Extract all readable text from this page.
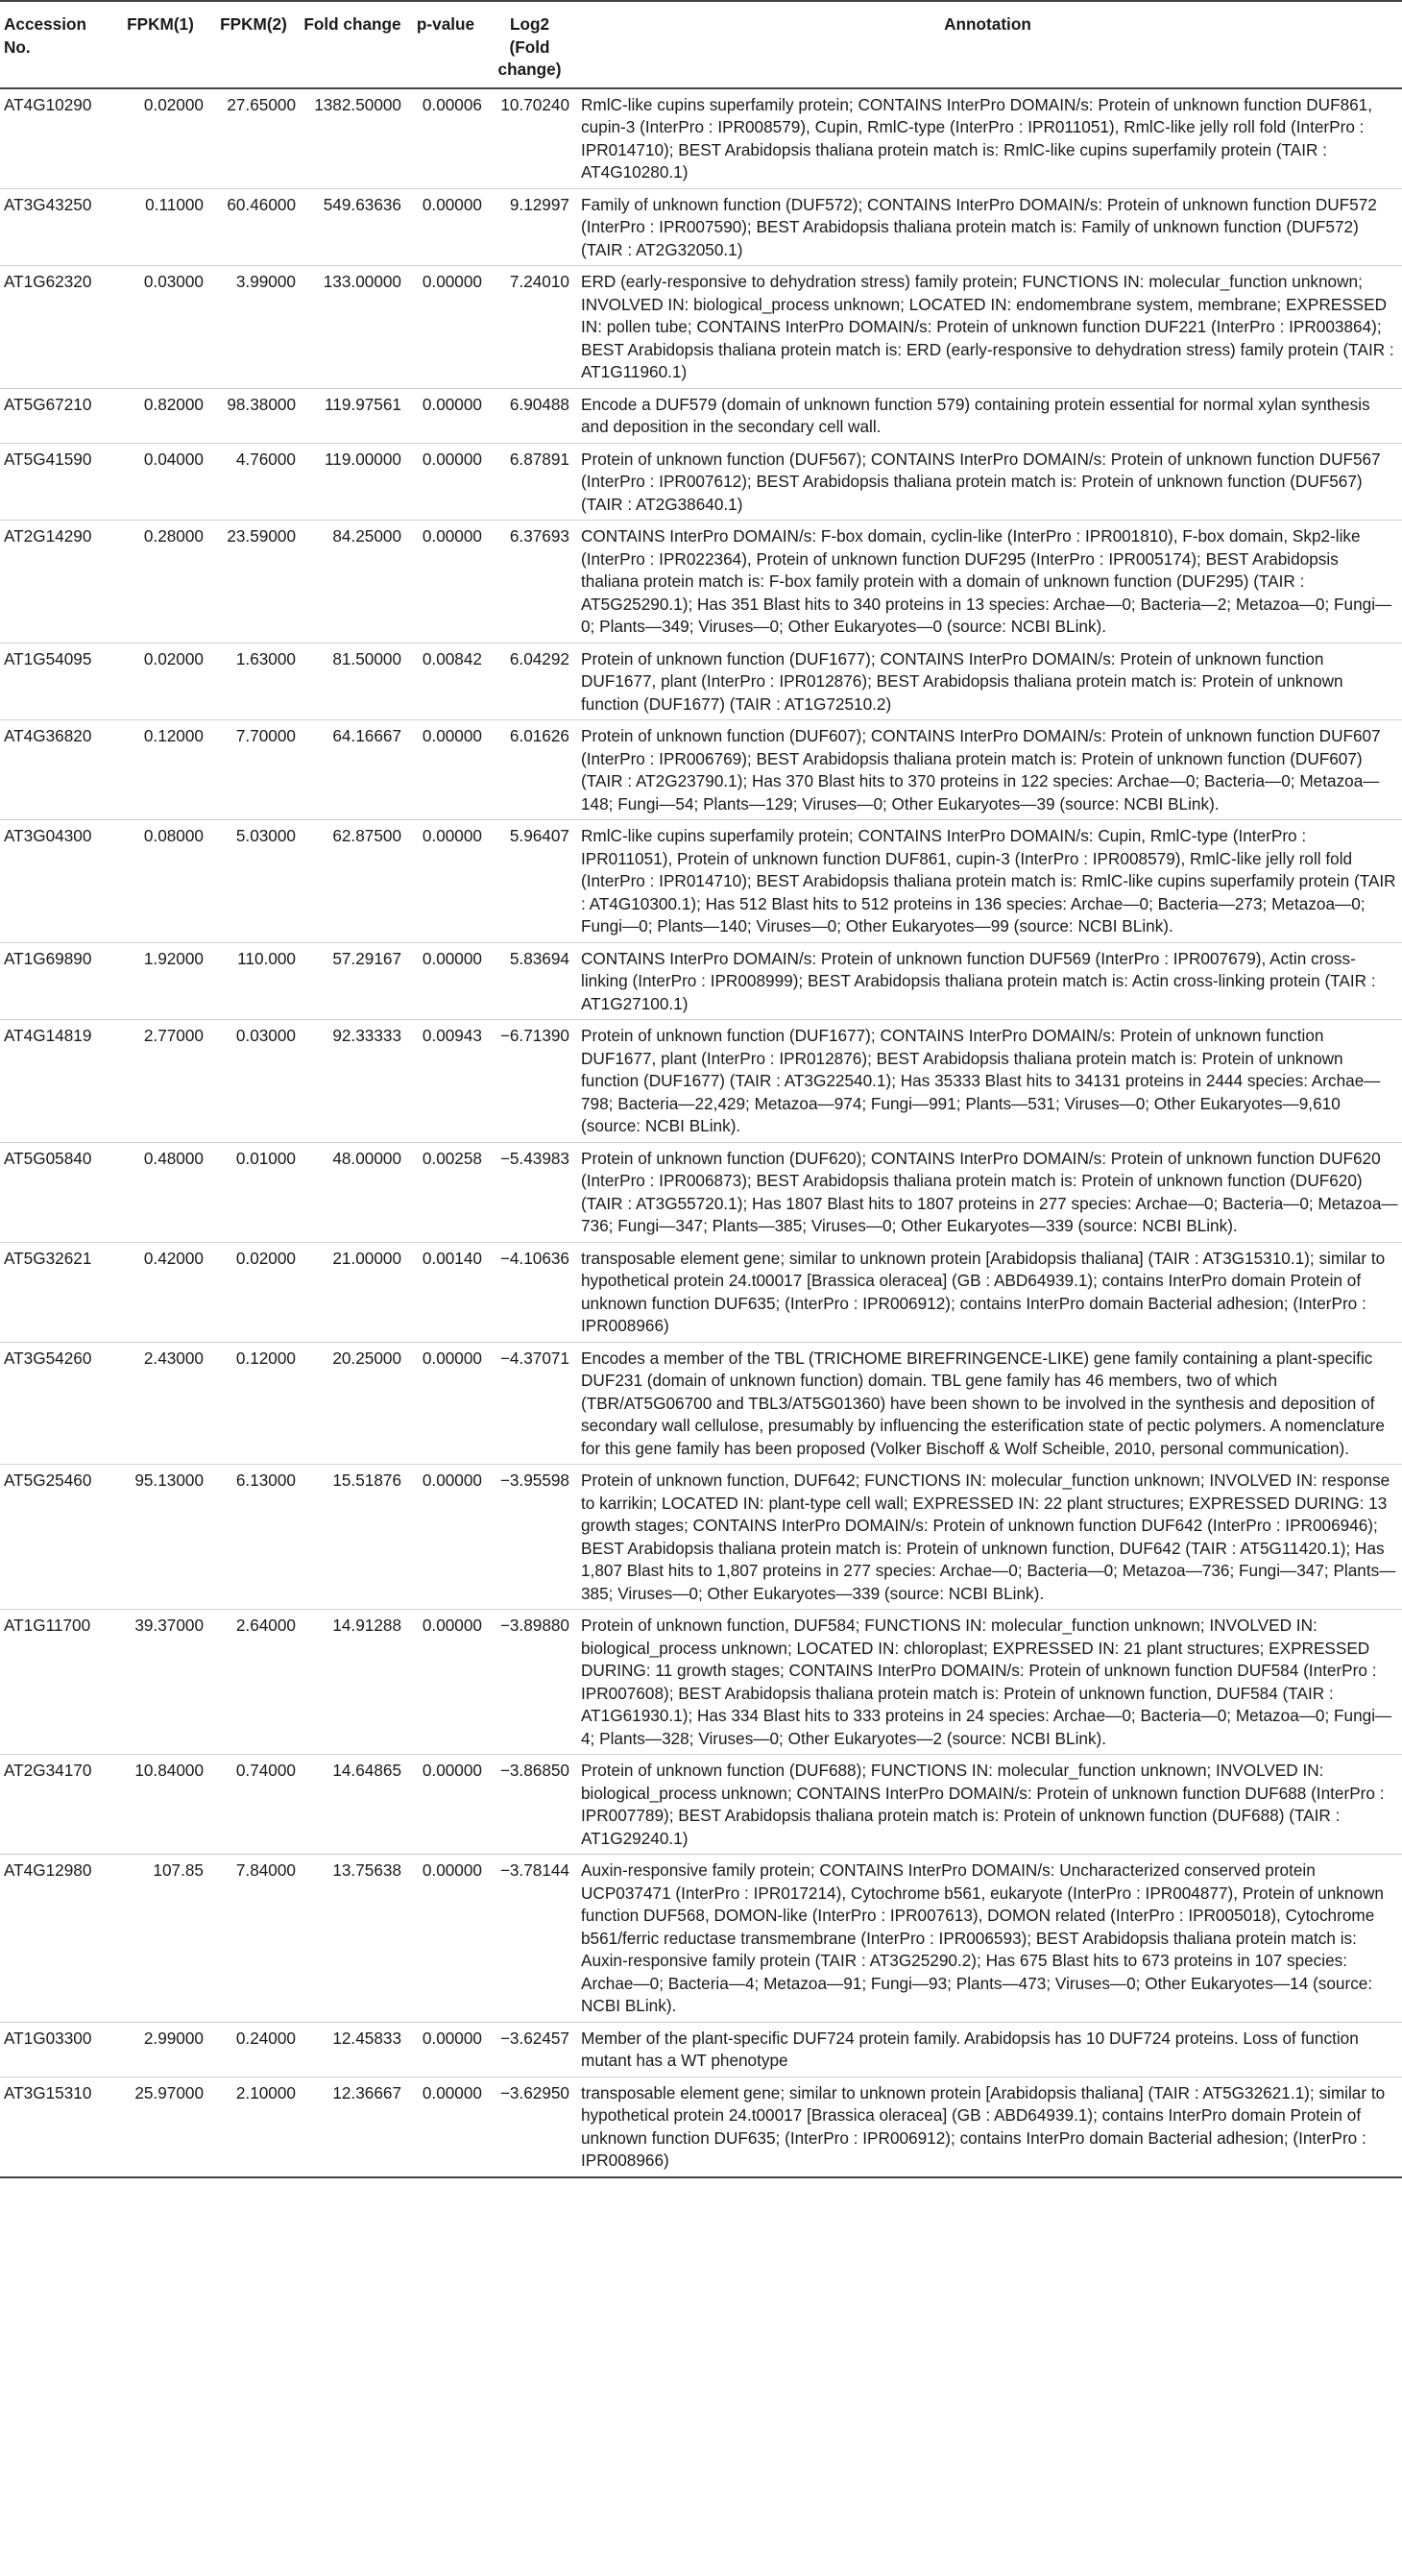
Accession No.	FPKM(1)	FPKM(2)	Fold change	p-value	Log2 (Fold change)	Annotation
AT4G10290	0.02000	27.65000	1382.50000	0.00006	10.70240	RmlC-like cupins superfamily protein; CONTAINS InterPro DOMAIN/s: Protein of unknown function DUF861, cupin-3 (InterPro : IPR008579), Cupin, RmlC-type (InterPro : IPR011051), RmlC-like jelly roll fold (InterPro : IPR014710); BEST Arabidopsis thaliana protein match is: RmlC-like cupins superfamily protein (TAIR : AT4G10280.1)
AT3G43250	0.11000	60.46000	549.63636	0.00000	9.12997	Family of unknown function (DUF572); CONTAINS InterPro DOMAIN/s: Protein of unknown function DUF572 (InterPro : IPR007590); BEST Arabidopsis thaliana protein match is: Family of unknown function (DUF572) (TAIR : AT2G32050.1)
AT1G62320	0.03000	3.99000	133.00000	0.00000	7.24010	ERD (early-responsive to dehydration stress) family protein; FUNCTIONS IN: molecular_function unknown; INVOLVED IN: biological_process unknown; LOCATED IN: endomembrane system, membrane; EXPRESSED IN: pollen tube; CONTAINS InterPro DOMAIN/s: Protein of unknown function DUF221 (InterPro : IPR003864); BEST Arabidopsis thaliana protein match is: ERD (early-responsive to dehydration stress) family protein (TAIR : AT1G11960.1)
AT5G67210	0.82000	98.38000	119.97561	0.00000	6.90488	Encode a DUF579 (domain of unknown function 579) containing protein essential for normal xylan synthesis and deposition in the secondary cell wall.
AT5G41590	0.04000	4.76000	119.00000	0.00000	6.87891	Protein of unknown function (DUF567); CONTAINS InterPro DOMAIN/s: Protein of unknown function DUF567 (InterPro : IPR007612); BEST Arabidopsis thaliana protein match is: Protein of unknown function (DUF567) (TAIR : AT2G38640.1)
AT2G14290	0.28000	23.59000	84.25000	0.00000	6.37693	CONTAINS InterPro DOMAIN/s: F-box domain, cyclin-like (InterPro : IPR001810), F-box domain, Skp2-like (InterPro : IPR022364), Protein of unknown function DUF295 (InterPro : IPR005174); BEST Arabidopsis thaliana protein match is: F-box family protein with a domain of unknown function (DUF295) (TAIR : AT5G25290.1); Has 351 Blast hits to 340 proteins in 13 species: Archae—0; Bacteria—2; Metazoa—0; Fungi—0; Plants—349; Viruses—0; Other Eukaryotes—0 (source: NCBI BLink).
AT1G54095	0.02000	1.63000	81.50000	0.00842	6.04292	Protein of unknown function (DUF1677); CONTAINS InterPro DOMAIN/s: Protein of unknown function DUF1677, plant (InterPro : IPR012876); BEST Arabidopsis thaliana protein match is: Protein of unknown function (DUF1677) (TAIR : AT1G72510.2)
AT4G36820	0.12000	7.70000	64.16667	0.00000	6.01626	Protein of unknown function (DUF607); CONTAINS InterPro DOMAIN/s: Protein of unknown function DUF607 (InterPro : IPR006769); BEST Arabidopsis thaliana protein match is: Protein of unknown function (DUF607) (TAIR : AT2G23790.1); Has 370 Blast hits to 370 proteins in 122 species: Archae—0; Bacteria—0; Metazoa—148; Fungi—54; Plants—129; Viruses—0; Other Eukaryotes—39 (source: NCBI BLink).
AT3G04300	0.08000	5.03000	62.87500	0.00000	5.96407	RmlC-like cupins superfamily protein; CONTAINS InterPro DOMAIN/s: Cupin, RmlC-type (InterPro : IPR011051), Protein of unknown function DUF861, cupin-3 (InterPro : IPR008579), RmlC-like jelly roll fold (InterPro : IPR014710); BEST Arabidopsis thaliana protein match is: RmlC-like cupins superfamily protein (TAIR : AT4G10300.1); Has 512 Blast hits to 512 proteins in 136 species: Archae—0; Bacteria—273; Metazoa—0; Fungi—0; Plants—140; Viruses—0; Other Eukaryotes—99 (source: NCBI BLink).
AT1G69890	1.92000	110.000	57.29167	0.00000	5.83694	CONTAINS InterPro DOMAIN/s: Protein of unknown function DUF569 (InterPro : IPR007679), Actin cross-linking (InterPro : IPR008999); BEST Arabidopsis thaliana protein match is: Actin cross-linking protein (TAIR : AT1G27100.1)
AT4G14819	2.77000	0.03000	92.33333	0.00943	−6.71390	Protein of unknown function (DUF1677); CONTAINS InterPro DOMAIN/s: Protein of unknown function DUF1677, plant (InterPro : IPR012876); BEST Arabidopsis thaliana protein match is: Protein of unknown function (DUF1677) (TAIR : AT3G22540.1); Has 35333 Blast hits to 34131 proteins in 2444 species: Archae—798; Bacteria—22,429; Metazoa—974; Fungi—991; Plants—531; Viruses—0; Other Eukaryotes—9,610 (source: NCBI BLink).
AT5G05840	0.48000	0.01000	48.00000	0.00258	−5.43983	Protein of unknown function (DUF620); CONTAINS InterPro DOMAIN/s: Protein of unknown function DUF620 (InterPro : IPR006873); BEST Arabidopsis thaliana protein match is: Protein of unknown function (DUF620) (TAIR : AT3G55720.1); Has 1807 Blast hits to 1807 proteins in 277 species: Archae—0; Bacteria—0; Metazoa—736; Fungi—347; Plants—385; Viruses—0; Other Eukaryotes—339 (source: NCBI BLink).
AT5G32621	0.42000	0.02000	21.00000	0.00140	−4.10636	transposable element gene; similar to unknown protein [Arabidopsis thaliana] (TAIR : AT3G15310.1); similar to hypothetical protein 24.t00017 [Brassica oleracea] (GB : ABD64939.1); contains InterPro domain Protein of unknown function DUF635; (InterPro : IPR006912); contains InterPro domain Bacterial adhesion; (InterPro : IPR008966)
AT3G54260	2.43000	0.12000	20.25000	0.00000	−4.37071	Encodes a member of the TBL (TRICHOME BIREFRINGENCE-LIKE) gene family containing a plant-specific DUF231 (domain of unknown function) domain. TBL gene family has 46 members, two of which (TBR/AT5G06700 and TBL3/AT5G01360) have been shown to be involved in the synthesis and deposition of secondary wall cellulose, presumably by influencing the esterification state of pectic polymers. A nomenclature for this gene family has been proposed (Volker Bischoff & Wolf Scheible, 2010, personal communication).
AT5G25460	95.13000	6.13000	15.51876	0.00000	−3.95598	Protein of unknown function, DUF642; FUNCTIONS IN: molecular_function unknown; INVOLVED IN: response to karrikin; LOCATED IN: plant-type cell wall; EXPRESSED IN: 22 plant structures; EXPRESSED DURING: 13 growth stages; CONTAINS InterPro DOMAIN/s: Protein of unknown function DUF642 (InterPro : IPR006946); BEST Arabidopsis thaliana protein match is: Protein of unknown function, DUF642 (TAIR : AT5G11420.1); Has 1,807 Blast hits to 1,807 proteins in 277 species: Archae—0; Bacteria—0; Metazoa—736; Fungi—347; Plants—385; Viruses—0; Other Eukaryotes—339 (source: NCBI BLink).
AT1G11700	39.37000	2.64000	14.91288	0.00000	−3.89880	Protein of unknown function, DUF584; FUNCTIONS IN: molecular_function unknown; INVOLVED IN: biological_process unknown; LOCATED IN: chloroplast; EXPRESSED IN: 21 plant structures; EXPRESSED DURING: 11 growth stages; CONTAINS InterPro DOMAIN/s: Protein of unknown function DUF584 (InterPro : IPR007608); BEST Arabidopsis thaliana protein match is: Protein of unknown function, DUF584 (TAIR : AT1G61930.1); Has 334 Blast hits to 333 proteins in 24 species: Archae—0; Bacteria—0; Metazoa—0; Fungi—4; Plants—328; Viruses—0; Other Eukaryotes—2 (source: NCBI BLink).
AT2G34170	10.84000	0.74000	14.64865	0.00000	−3.86850	Protein of unknown function (DUF688); FUNCTIONS IN: molecular_function unknown; INVOLVED IN: biological_process unknown; CONTAINS InterPro DOMAIN/s: Protein of unknown function DUF688 (InterPro : IPR007789); BEST Arabidopsis thaliana protein match is: Protein of unknown function (DUF688) (TAIR : AT1G29240.1)
AT4G12980	107.85	7.84000	13.75638	0.00000	−3.78144	Auxin-responsive family protein; CONTAINS InterPro DOMAIN/s: Uncharacterized conserved protein UCP037471 (InterPro : IPR017214), Cytochrome b561, eukaryote (InterPro : IPR004877), Protein of unknown function DUF568, DOMON-like (InterPro : IPR007613), DOMON related (InterPro : IPR005018), Cytochrome b561/ferric reductase transmembrane (InterPro : IPR006593); BEST Arabidopsis thaliana protein match is: Auxin-responsive family protein (TAIR : AT3G25290.2); Has 675 Blast hits to 673 proteins in 107 species: Archae—0; Bacteria—4; Metazoa—91; Fungi—93; Plants—473; Viruses—0; Other Eukaryotes—14 (source: NCBI BLink).
AT1G03300	2.99000	0.24000	12.45833	0.00000	−3.62457	Member of the plant-specific DUF724 protein family. Arabidopsis has 10 DUF724 proteins. Loss of function mutant has a WT phenotype
AT3G15310	25.97000	2.10000	12.36667	0.00000	−3.62950	transposable element gene; similar to unknown protein [Arabidopsis thaliana] (TAIR : AT5G32621.1); similar to hypothetical protein 24.t00017 [Brassica oleracea] (GB : ABD64939.1); contains InterPro domain Protein of unknown function DUF635; (InterPro : IPR006912); contains InterPro domain Bacterial adhesion; (InterPro : IPR008966)
